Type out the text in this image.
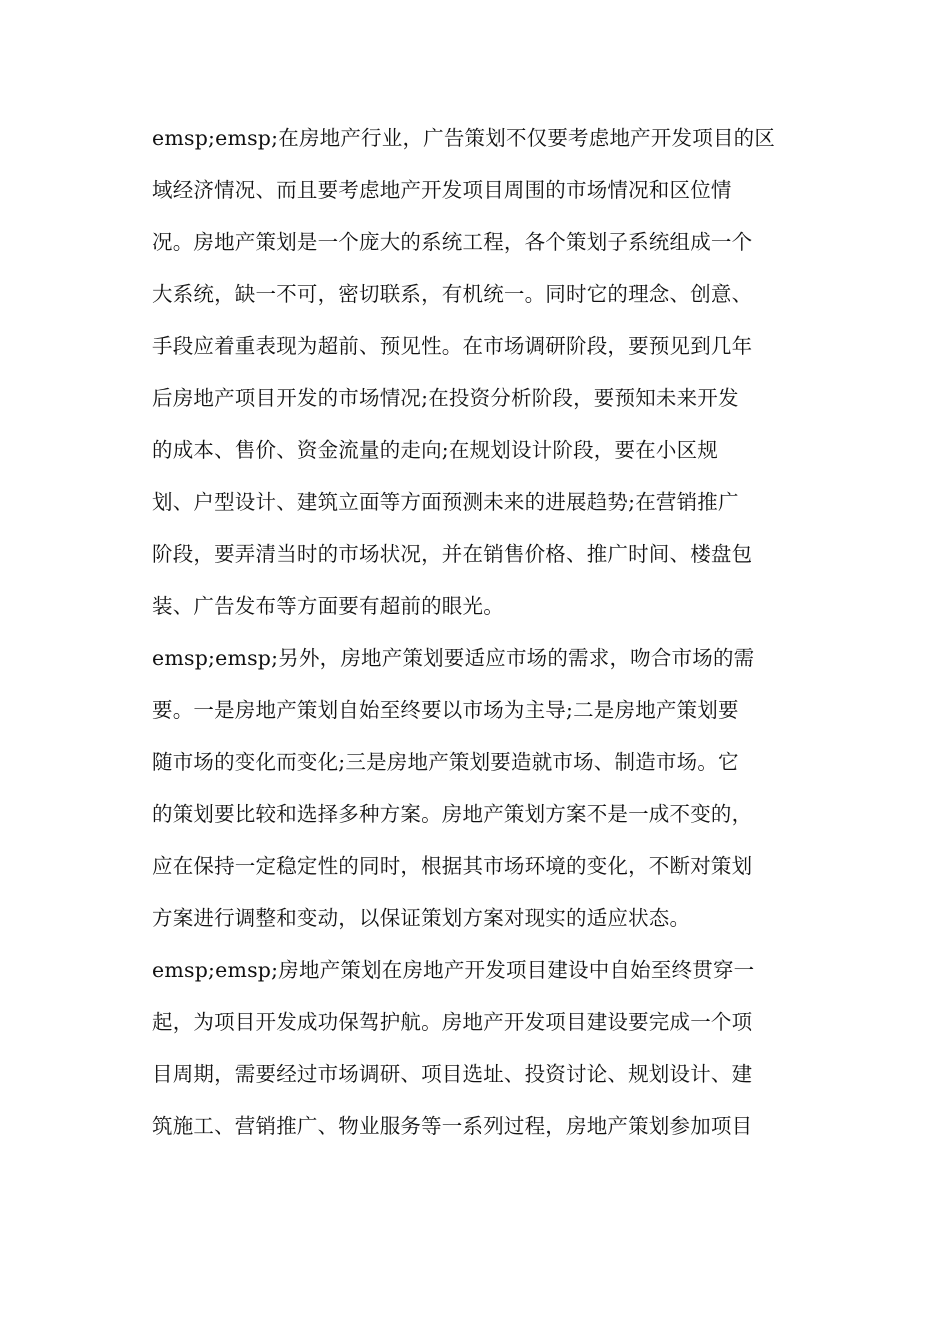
emsp;emsp;在房地产行业，广告策划不仅要考虑地产开发项目的区
域经济情况、而且要考虑地产开发项目周围的市场情况和区位情
况。房地产策划是一个庞大的系统工程，各个策划子系统组成一个
大系统，缺一不可，密切联系，有机统一。同时它的理念、创意、
手段应着重表现为超前、预见性。在市场调研阶段，要预见到几年
后房地产项目开发的市场情况;在投资分析阶段，要预知未来开发
的成本、售价、资金流量的走向;在规划设计阶段，要在小区规
划、户型设计、建筑立面等方面预测未来的进展趋势;在营销推广
阶段，要弄清当时的市场状况，并在销售价格、推广时间、楼盘包
装、广告发布等方面要有超前的眼光。
emsp;emsp;另外，房地产策划要适应市场的需求，吻合市场的需
要。一是房地产策划自始至终要以市场为主导;二是房地产策划要
随市场的变化而变化;三是房地产策划要造就市场、制造市场。它
的策划要比较和选择多种方案。房地产策划方案不是一成不变的，
应在保持一定稳定性的同时，根据其市场环境的变化，不断对策划
方案进行调整和变动，以保证策划方案对现实的适应状态。
emsp;emsp;房地产策划在房地产开发项目建设中自始至终贯穿一
起，为项目开发成功保驾护航。房地产开发项目建设要完成一个项
目周期，需要经过市场调研、项目选址、投资讨论、规划设计、建
筑施工、营销推广、物业服务等一系列过程，房地产策划参加项目
